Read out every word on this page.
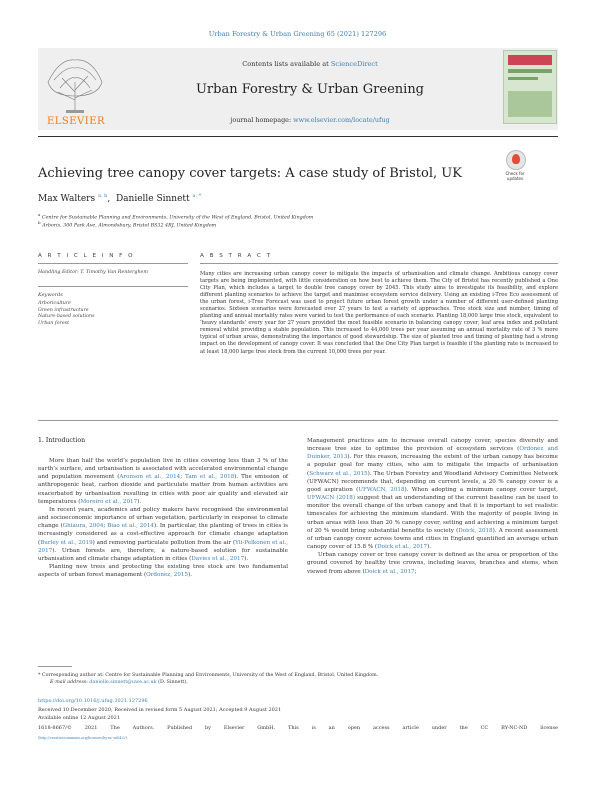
Urban Forestry & Urban Greening 65 (2021) 127296
ELSEVIER
Contents lists available at ScienceDirect
Urban Forestry & Urban Greening
journal homepage: www.elsevier.com/locate/ufug
Achieving tree canopy cover targets: A case study of Bristol, UK	Check for
updates
Max Walters $^{a, b}$,  Danielle Sinnett $^{a, *}$
$^a$ Centre for Sustainable Planning and Environments, University of the West of England, Bristol, United Kingdom
$^b$ Arboris, 300 Park Ave, Almondsbury, Bristol BS32 4RJ, United Kingdom
A R T I C L E I N F O	A B S T R A C T
Handling Editor: T. Timothy Van Renterghem
Keywords
Arboriculture
Green infrastructure
Nature-based solutions
Urban forest
Many cities are increasing urban canopy cover to mitigate the impacts of urbanisation and climate change. Ambitious canopy cover targets are being implemented, with little consideration on how best to achieve them. The City of Bristol has recently published a One City Plan, which includes a target to double tree canopy cover by 2045. This study aims to investigate its feasibility, and explore different planting scenarios to achieve the target and maximise ecosystem service delivery. Using an existing i-Tree Eco assessment of the urban forest, i-Tree Forecast was used to project future urban forest growth under a number of different user-defined planting scenarios. Sixteen scenarios were forecasted over 27 years to test a variety of approaches. Tree stock size and number, timing of planting and annual mortality rates were varied to test the performance of each scenario. Planting 18,000 large tree stock, equivalent to ‘heavy standards’ every year for 27 years provided the most feasible scenario in balancing canopy cover, leaf area index and pollutant removal whilst providing a stable population. This increased to 44,000 trees per year assuming an annual mortality rate of 3 % more typical of urban areas, demonstrating the importance of good stewardship. The size of planted tree and timing of planting had a strong impact on the development of canopy cover. It was concluded that the One City Plan target is feasible if the planting rate is increased to at least 18,000 large tree stock from the current 10,000 trees per year.
1. Introduction

More than half the world’s population live in cities covering less than 3 % of the earth’s surface, and urbanisation is associated with accelerated environmental change and population movement (Aronson et al., 2014; Tam et al., 2018). The emission of anthropogenic heat, carbon dioxide and particulate matter from human activities are exacerbated by urbanisation resulting in cities with poor air quality and elevated air temperatures (Moreiro et al., 2017).

In recent years, academics and policy makers have recognised the environmental and socioeconomic importance of urban vegetation, particularly in response to climate change (Ghiaura, 2004; Biao et al., 2014). In particular, the planting of trees in cities is increasingly considered as a cost-effective approach for climate change adaptation (Burley et al., 2019) and removing particulate pollution from the air (Yli-Pelkonen et al., 2017). Urban forests are, therefore, a nature-based solution for sustainable urbanisation and climate change adaptation in cities (Davies et al., 2017).

Planting new trees and protecting the existing tree stock are two fundamental aspects of urban forest management (Ordonez, 2015).

Management practices aim to increase overall canopy cover, species diversity and increase tree size to optimise the provision of ecosystem services (Ordonez and Duinker, 2013). For this reason, increasing the extent of the urban canopy has become a popular goal for many cities, who aim to mitigate the impacts of urbanisation (Schwarz et al., 2015). The Urban Forestry and Woodland Advisory Committee Network (UFWACN) recommends that, depending on current levels, a 20 % canopy cover is a good aspiration (UFWACN, 2018). When adopting a minimum canopy cover target, UFWACN (2018) suggest that an understanding of the current baseline can be used to monitor the overall change of the urban canopy and that it is important to set realistic timescales for achieving the minimum standard. With the majority of people living in urban areas with less than 20 % canopy cover, setting and achieving a minimum target of 20 % would bring substantial benefits to society (Doick, 2018). A recent assessment of urban canopy cover across towns and cities in England quantified an average urban canopy cover of 15.8 % (Doick et al., 2017).

Urban canopy cover or tree canopy cover is defined as the area or proportion of the ground covered by healthy tree crowns, including leaves, branches and stems, when viewed from above (Doick et al., 2017;

* Corresponding author at: Centre for Sustainable Planning and Environments, University of the West of England, Bristol, United Kingdom.
E-mail address: danielle.sinnett@uwe.ac.uk (D. Sinnett).
https://doi.org/10.1016/j.ufug.2021.127296
Received 10 December 2020; Received in revised form 5 August 2021; Accepted 9 August 2021
Available online 12 August 2021
1618-8667/© 2021 The Authors. Published by Elsevier GmbH. This is an open access article under the CC BY-NC-ND license
(http://creativecommons.org/licenses/by-nc-nd/4.0/).
